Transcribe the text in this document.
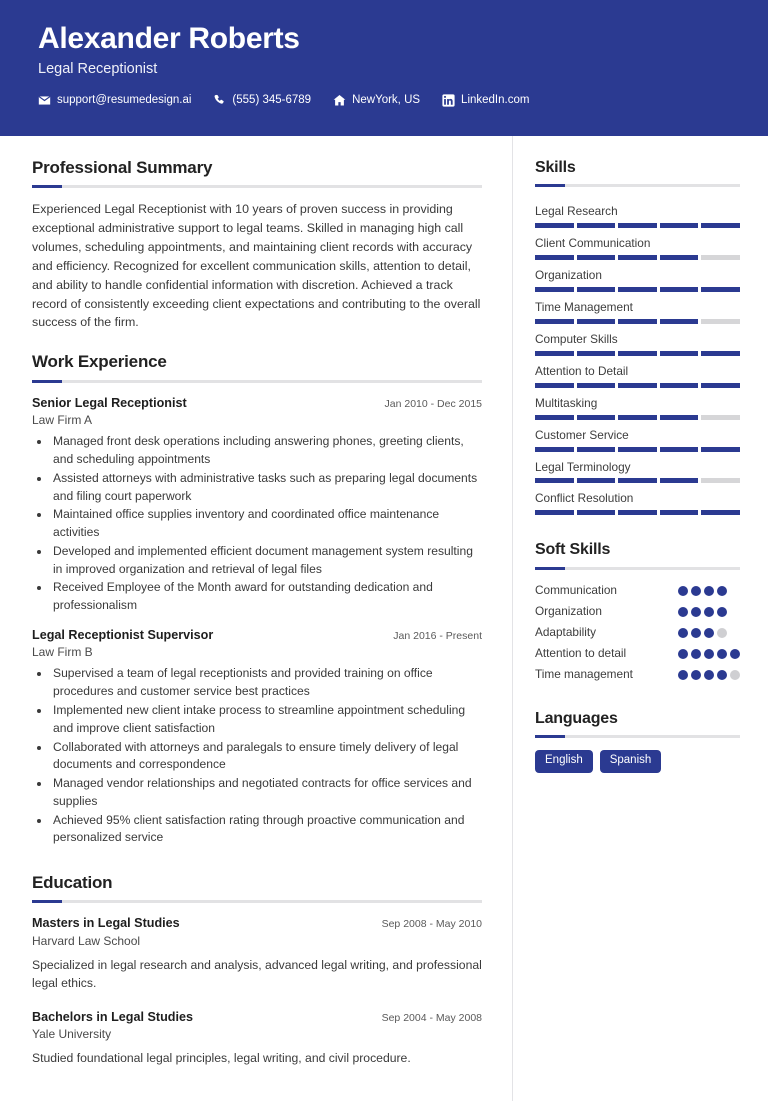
Alexander Roberts
Legal Receptionist
support@resumedesign.ai	(555) 345-6789	NewYork, US	LinkedIn.com
Professional Summary

Experienced Legal Receptionist with 10 years of proven success in providing exceptional administrative support to legal teams. Skilled in managing high call volumes, scheduling appointments, and maintaining client records with accuracy and efficiency. Recognized for excellent communication skills, attention to detail, and ability to handle confidential information with discretion. Achieved a track record of consistently exceeding client expectations and contributing to the overall success of the firm.

Work Experience
Senior Legal Receptionist	Jan 2010 - Dec 2015
Law Firm A
• Managed front desk operations including answering phones, greeting clients, and scheduling appointments
• Assisted attorneys with administrative tasks such as preparing legal documents and filing court paperwork
• Maintained office supplies inventory and coordinated office maintenance activities
• Developed and implemented efficient document management system resulting in improved organization and retrieval of legal files
• Received Employee of the Month award for outstanding dedication and professionalism
Legal Receptionist Supervisor	Jan 2016 - Present
Law Firm B
• Supervised a team of legal receptionists and provided training on office procedures and customer service best practices
• Implemented new client intake process to streamline appointment scheduling and improve client satisfaction
• Collaborated with attorneys and paralegals to ensure timely delivery of legal documents and correspondence
• Managed vendor relationships and negotiated contracts for office services and supplies
• Achieved 95% client satisfaction rating through proactive communication and personalized service
Education
Masters in Legal Studies	Sep 2008 - May 2010
Harvard Law School

Specialized in legal research and analysis, advanced legal writing, and professional legal ethics.

Bachelors in Legal Studies	Sep 2004 - May 2008
Yale University

Studied foundational legal principles, legal writing, and civil procedure.

Skills
Legal Research
Client Communication
Organization
Time Management
Computer Skills
Attention to Detail
Multitasking
Customer Service
Legal Terminology
Conflict Resolution
Soft Skills
Communication
Organization
Adaptability
Attention to detail
Time management
Languages
English	Spanish
